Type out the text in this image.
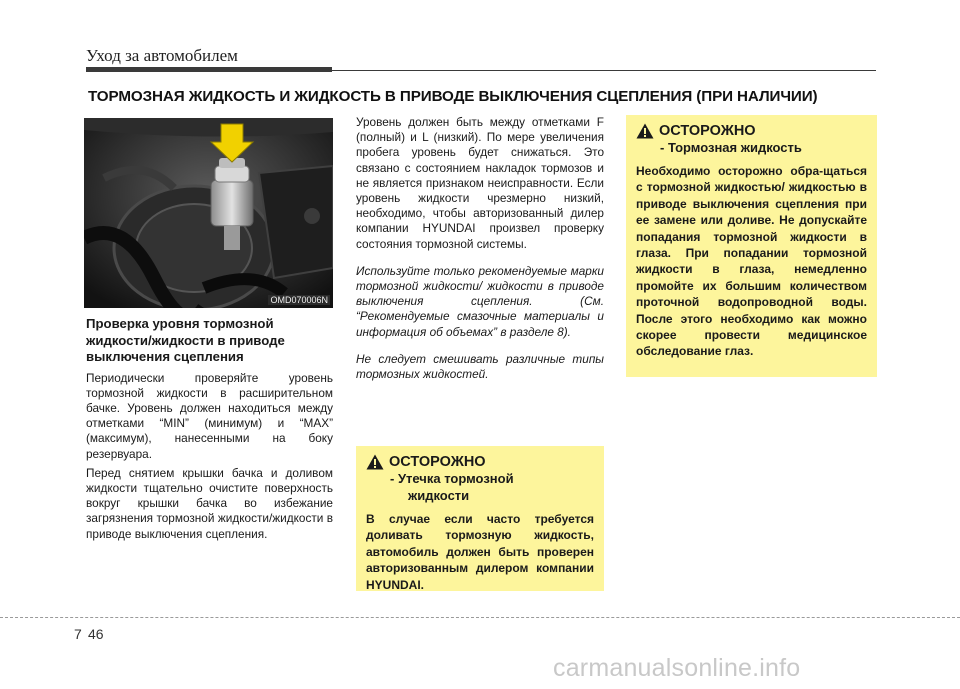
Уход за автомобилем
ТОРМОЗНАЯ ЖИДКОСТЬ И ЖИДКОСТЬ В ПРИВОДЕ ВЫКЛЮЧЕНИЯ СЦЕПЛЕНИЯ (ПРИ НАЛИЧИИ)
OMD070006N
Проверка уровня тормозной жидкости/жидкости в приводе выключения сцепления

Периодически проверяйте уровень тормозной жидкости в расширительном бачке. Уровень должен находиться между отметками “MIN” (минимум) и “MAX” (максимум), нанесенными на боку резервуара.

Перед снятием крышки бачка и доливом жидкости тщательно очистите поверхность вокруг крышки бачка во избежание загрязнения тормозной жидкости/жидкости в приводе выключения сцепления.

Уровень должен быть между отметками F (полный) и L (низкий). По мере увеличения пробега уровень будет снижаться. Это связано с состоянием накладок тормозов и не является признаком неисправности. Если уровень жидкости чрезмерно низкий, необходимо, чтобы авторизованный дилер компании HYUNDAI произвел проверку состояния тормозной системы.

Используйте только рекомендуемые марки тормозной жидкости/ жидкости в приводе выключения сцепления. (См. “Рекомендуемые смазочные материалы и информация об объемах” в разделе 8).

Не следует смешивать различные типы тормозных жидкостей.

ОСТОРОЖНО
- Тормозная жидкость
Необходимо осторожно обра-щаться с тормозной жидкостью/ жидкостью в приводе выключения сцепления при ее замене или доливе. Не допускайте попадания тормозной жидкости в глаза. При попадании тормозной жидкости в глаза, немедленно промойте их большим количеством проточной водопроводной воды. После этого необходимо как можно скорее провести медицинское обследование глаз.
ОСТОРОЖНО
- Утечка тормозной
жидкости
В случае если часто требуется доливать тормозную жидкость, автомобиль должен быть проверен авторизованным дилером компании HYUNDAI.
7 46
carmanualsonline.info
